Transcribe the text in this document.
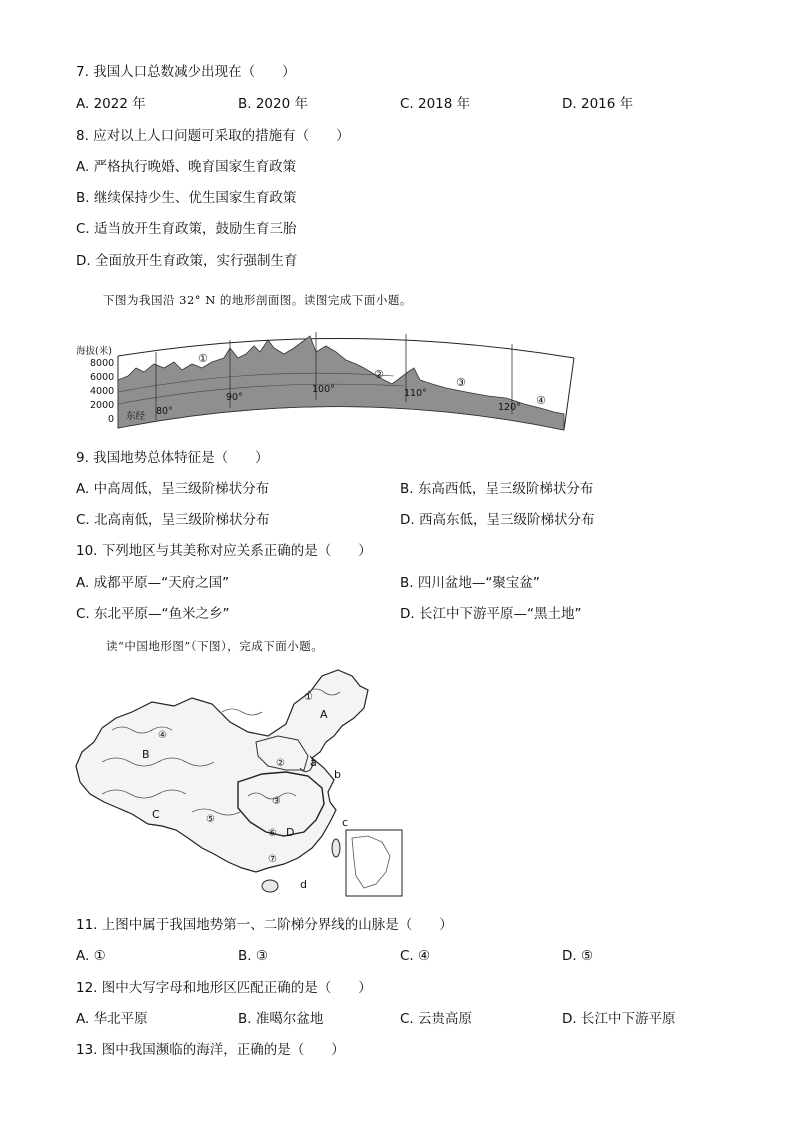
7. 我国人口总数减少出现在（　　）
A. 2022 年	B. 2020 年	C. 2018 年	D. 2016 年
8. 应对以上人口问题可采取的措施有（　　）
A. 严格执行晚婚、晚育国家生育政策
B. 继续保持少生、优生国家生育政策
C. 适当放开生育政策，鼓励生育三胎
D. 全面放开生育政策，实行强制生育
下图为我国沿 32° N 的地形剖面图。读图完成下面小题。
海拔(米)
8000
6000
4000
2000
0 东经 80°
90°
100°	110°
120°
①
②
③
④
9. 我国地势总体特征是（　　）
A. 中高周低，呈三级阶梯状分布	B. 东高西低，呈三级阶梯状分布
C. 北高南低，呈三级阶梯状分布	D. 西高东低，呈三级阶梯状分布
10. 下列地区与其美称对应关系正确的是（　　）
A. 成都平原—“天府之国”	B. 四川盆地—“聚宝盆”
C. 东北平原—“鱼米之乡”	D. 长江中下游平原—“黑土地”
读“中国地形图”（下图），完成下面小题。
A
B
C
D
a
b
c
d
①
②
③
④
⑤
⑥
⑦
11. 上图中属于我国地势第一、二阶梯分界线的山脉是（　　）
A. ①	B. ③	C. ④	D. ⑤
12. 图中大写字母和地形区匹配正确的是（　　）
A. 华北平原	B. 准噶尔盆地	C. 云贵高原	D. 长江中下游平原
13. 图中我国濒临的海洋，正确的是（　　）
